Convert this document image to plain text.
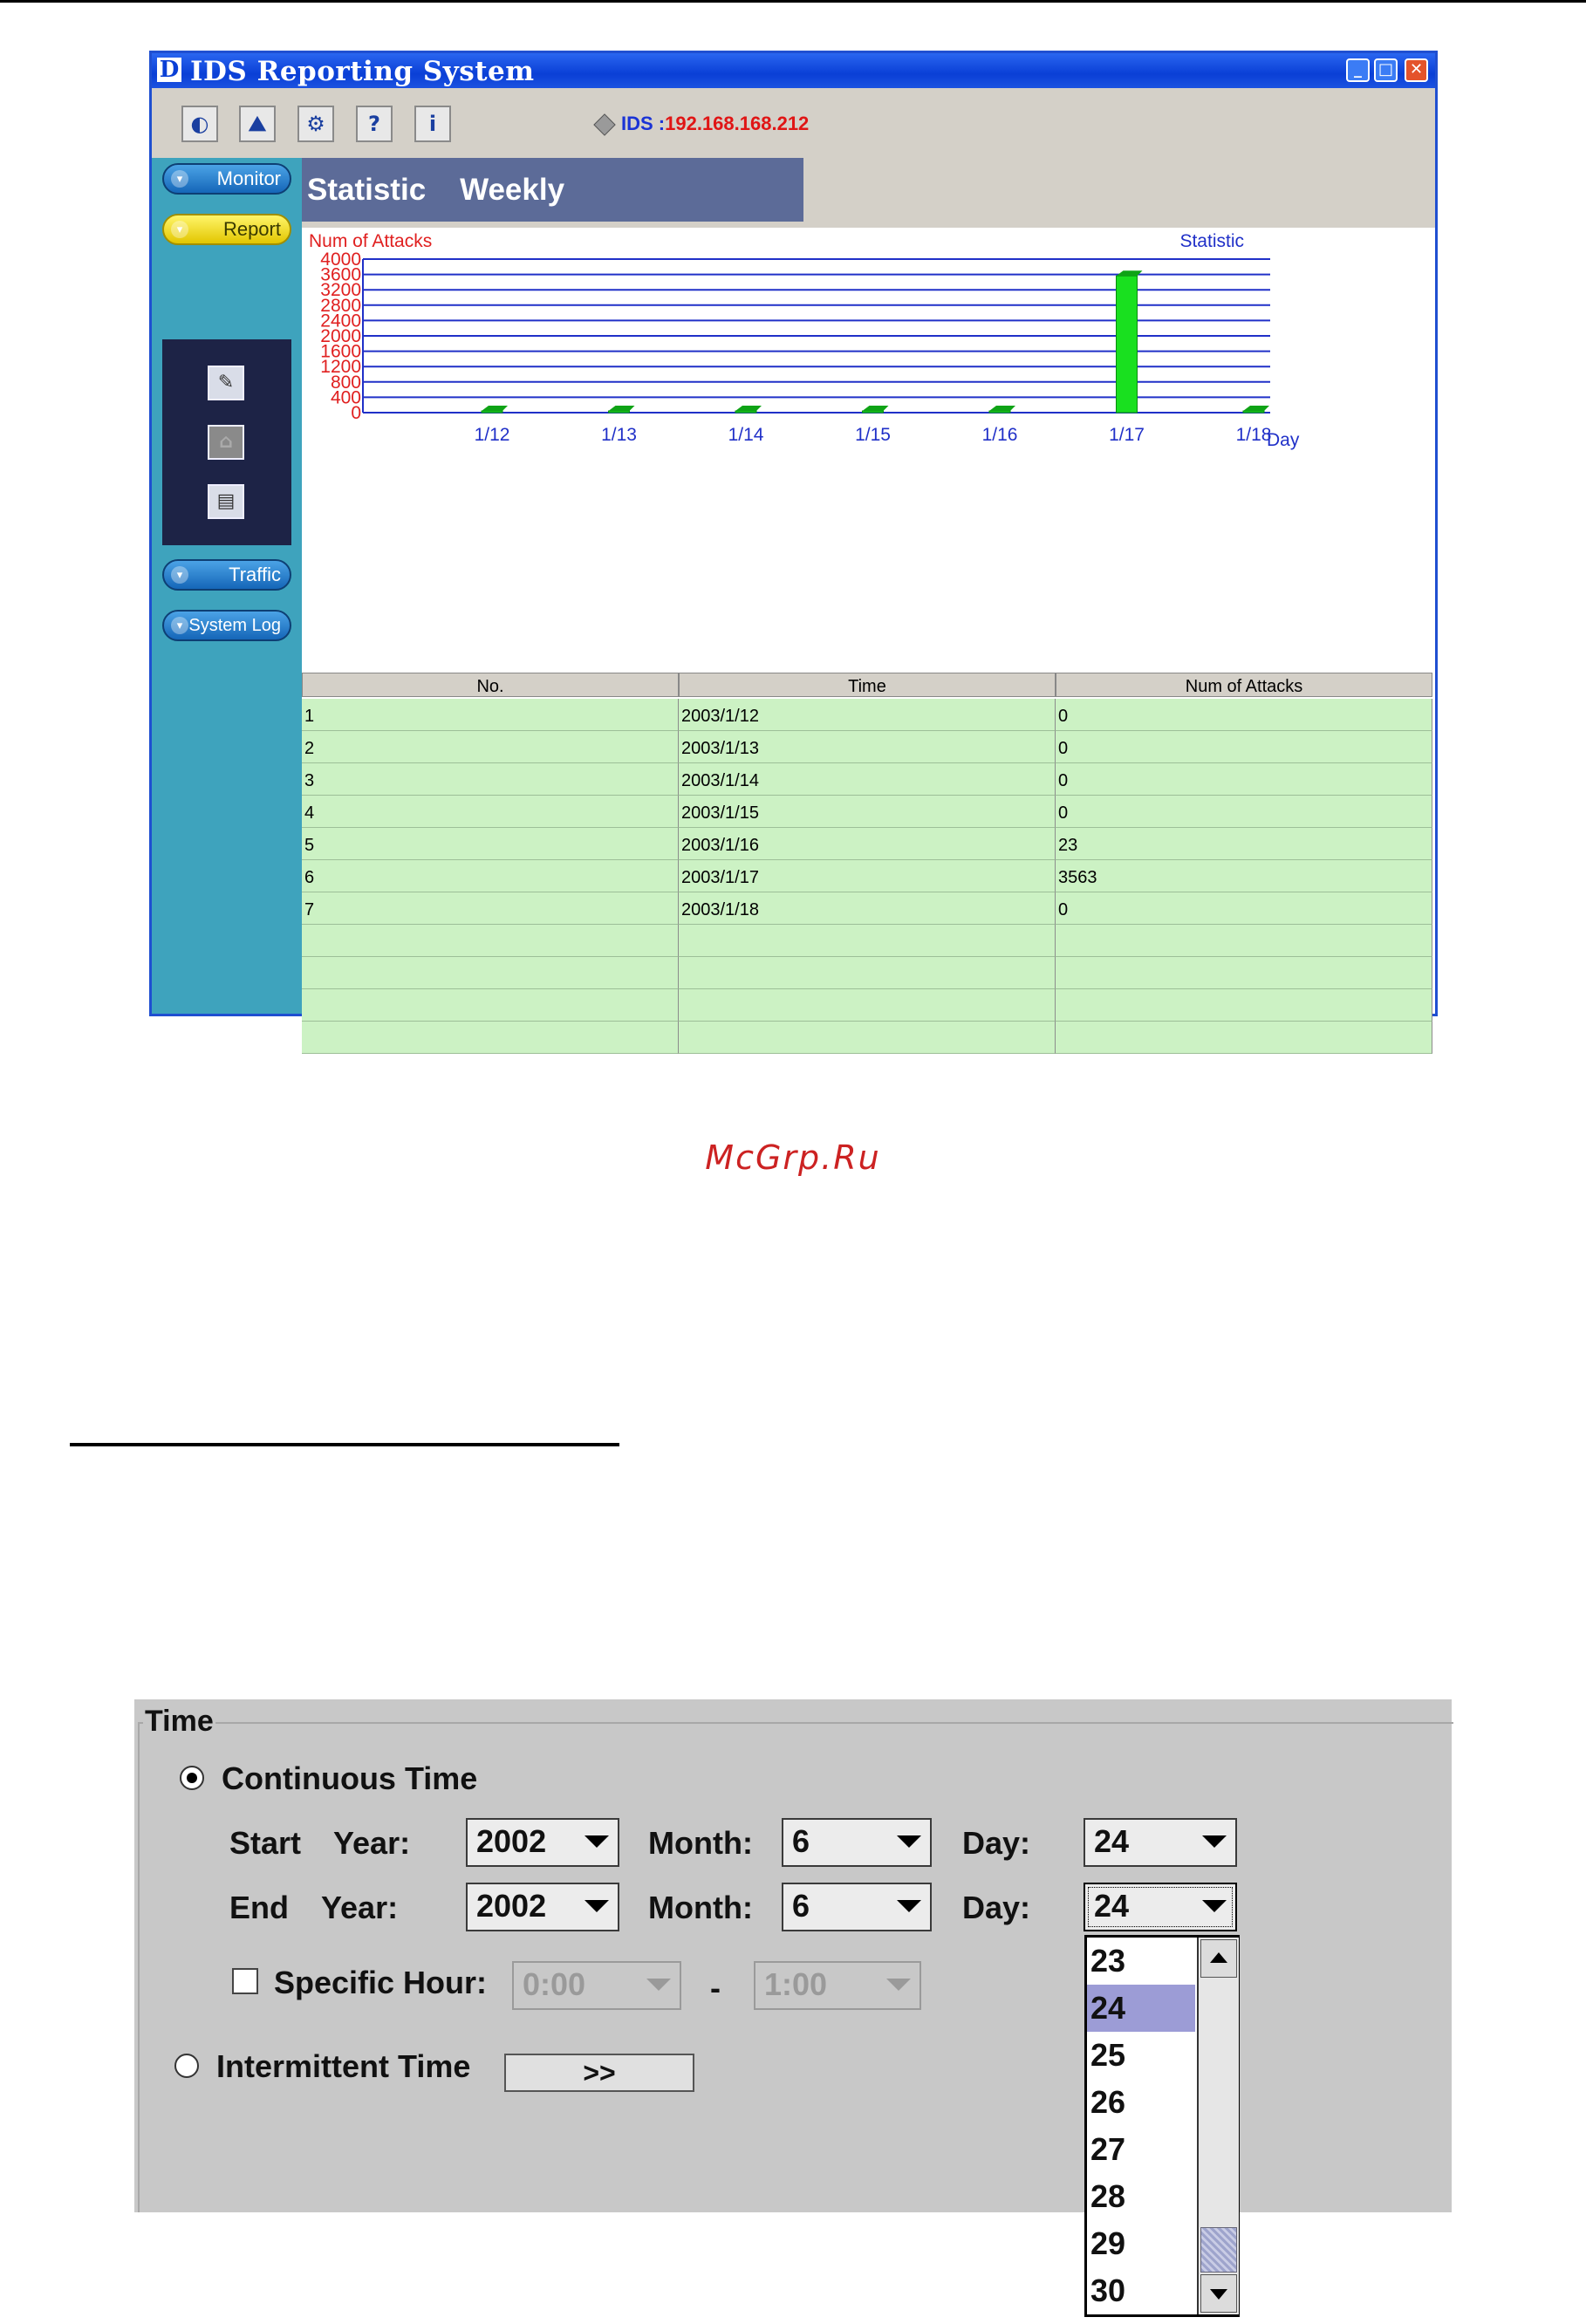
D IDS Reporting System	_	□	✕
◐	⛰	⚙	?	i	IDS :192.168.168.212
▾	Monitor
▾	Report
✎
⌂
▤
▾	Traffic
▾ System Log
Statistic Weekly
Num of Attacks	Statistic
0
400
800
1200
1600
2000
2400
2800
3200
3600
4000
1/12	1/13	1/14	1/15	1/16	1/17	1/18
Day
No.	Time	Num of Attacks
1	2003/1/12	0
2	2003/1/13	0
3	2003/1/14	0
4	2003/1/15	0
5	2003/1/16	23
6	2003/1/17	3563
7	2003/1/18	0
McGrp.Ru
Time
Continuous Time
Start Year:	2002	Month:	6	Day:	24
End Year:	2002	Month:	6	Day:	24
Specific Hour:	0:00	-	1:00
Intermittent Time	>>
23
24
25
26
27
28
29
30
